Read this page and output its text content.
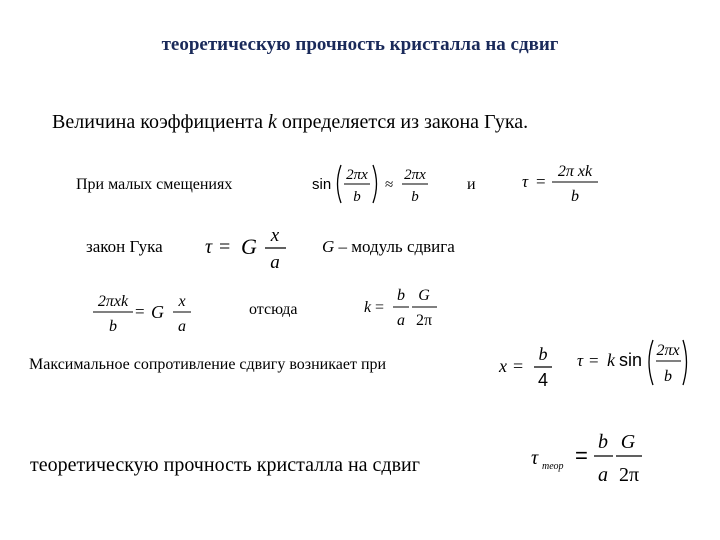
теоретическую прочность кристалла на сдвиг
Величина коэффициента k определяется из закона Гука.
При малых смещениях	sin
2πx
b
≈
2πx
b
и	τ =
2π xk
b
закон Гука τ = G x
a
G – модуль сдвига
2πxk
b
= G
x
a
отсюда	k =
b
a
G
2π
Максимальное сопротивление сдвигу возникает при	x =
b
4
τ = k sin 2πx
b
теоретическую прочность кристалла на сдвиг	τ теор =
b
a
G
2π
